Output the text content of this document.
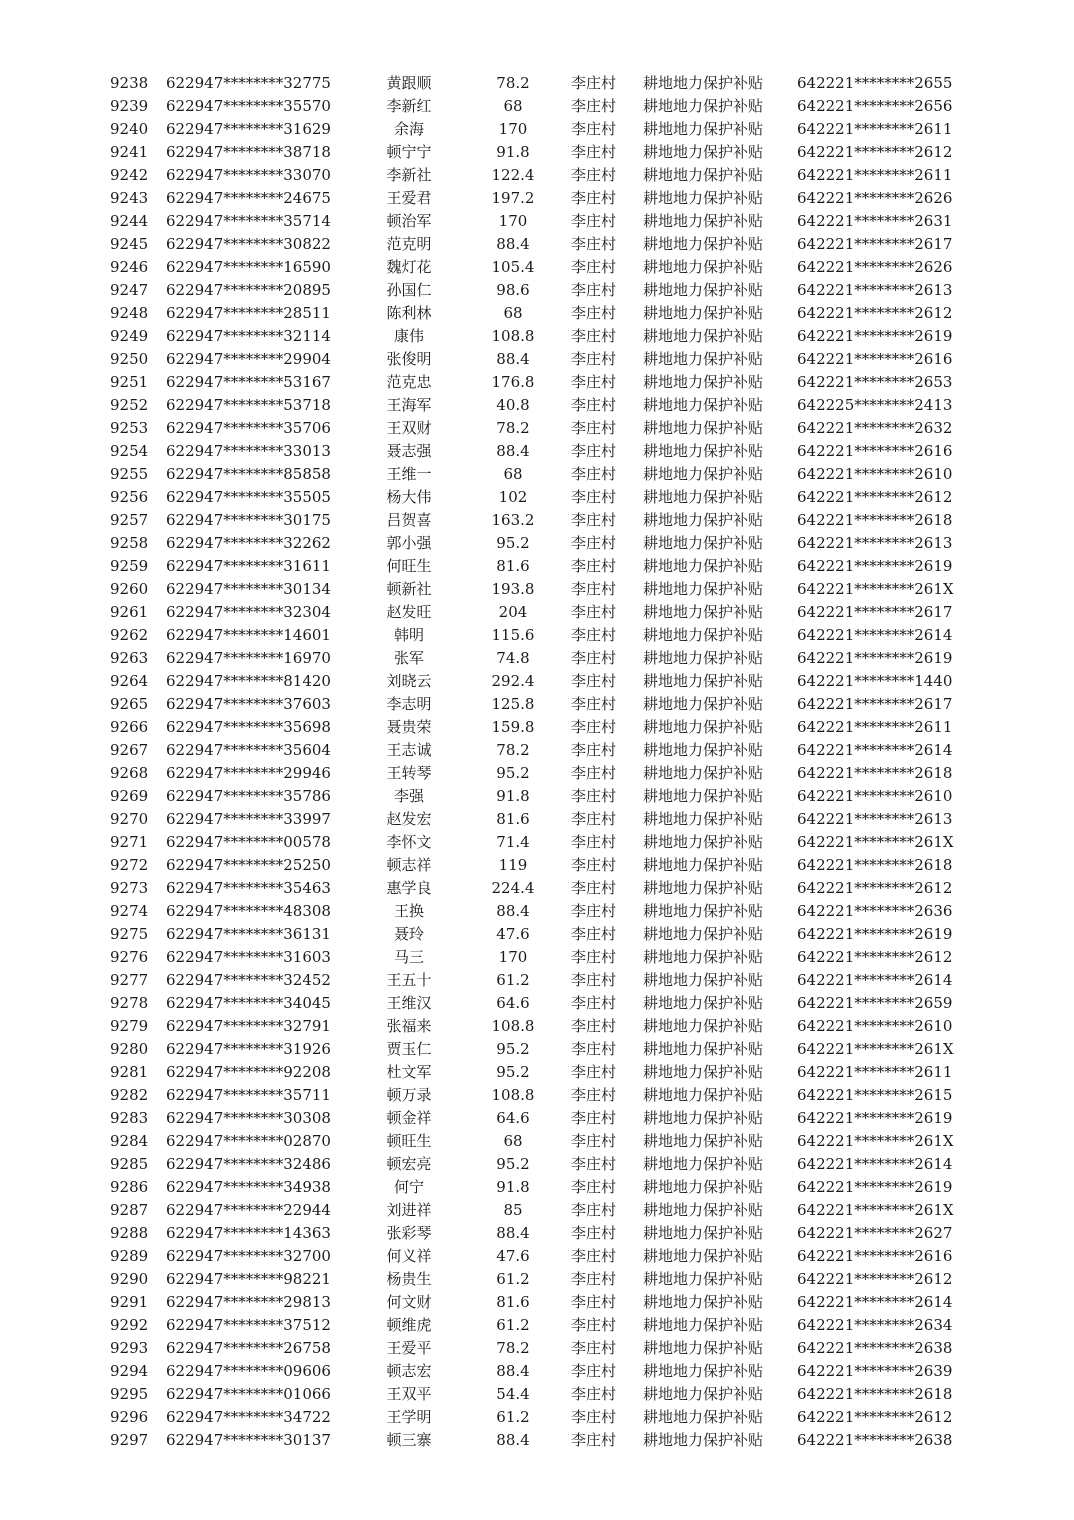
9238 622947********32775	黄跟顺	78.2	李庄村	耕地地力保护补贴	642221********2655
9239 622947********35570	李新红	68	李庄村	耕地地力保护补贴	642221********2656
9240 622947********31629	余海	170	李庄村	耕地地力保护补贴	642221********2611
9241 622947********38718	顿宁宁	91.8	李庄村	耕地地力保护补贴	642221********2612
9242 622947********33070	李新社	122.4	李庄村	耕地地力保护补贴	642221********2611
9243 622947********24675	王爱君	197.2	李庄村	耕地地力保护补贴	642221********2626
9244 622947********35714	顿治军	170	李庄村	耕地地力保护补贴	642221********2631
9245 622947********30822	范克明	88.4	李庄村	耕地地力保护补贴	642221********2617
9246 622947********16590	魏灯花	105.4	李庄村	耕地地力保护补贴	642221********2626
9247 622947********20895	孙国仁	98.6	李庄村	耕地地力保护补贴	642221********2613
9248 622947********28511	陈利林	68	李庄村	耕地地力保护补贴	642221********2612
9249 622947********32114	康伟	108.8	李庄村	耕地地力保护补贴	642221********2619
9250 622947********29904	张俊明	88.4	李庄村	耕地地力保护补贴	642221********2616
9251 622947********53167	范克忠	176.8	李庄村	耕地地力保护补贴	642221********2653
9252 622947********53718	王海军	40.8	李庄村	耕地地力保护补贴	642225********2413
9253 622947********35706	王双财	78.2	李庄村	耕地地力保护补贴	642221********2632
9254 622947********33013	聂志强	88.4	李庄村	耕地地力保护补贴	642221********2616
9255 622947********85858	王维一	68	李庄村	耕地地力保护补贴	642221********2610
9256 622947********35505	杨大伟	102	李庄村	耕地地力保护补贴	642221********2612
9257 622947********30175	吕贺喜	163.2	李庄村	耕地地力保护补贴	642221********2618
9258 622947********32262	郭小强	95.2	李庄村	耕地地力保护补贴	642221********2613
9259 622947********31611	何旺生	81.6	李庄村	耕地地力保护补贴	642221********2619
9260 622947********30134	顿新社	193.8	李庄村	耕地地力保护补贴	642221********261X
9261 622947********32304	赵发旺	204	李庄村	耕地地力保护补贴	642221********2617
9262 622947********14601	韩明	115.6	李庄村	耕地地力保护补贴	642221********2614
9263 622947********16970	张军	74.8	李庄村	耕地地力保护补贴	642221********2619
9264 622947********81420	刘晓云	292.4	李庄村	耕地地力保护补贴	642221********1440
9265 622947********37603	李志明	125.8	李庄村	耕地地力保护补贴	642221********2617
9266 622947********35698	聂贵荣	159.8	李庄村	耕地地力保护补贴	642221********2611
9267 622947********35604	王志诚	78.2	李庄村	耕地地力保护补贴	642221********2614
9268 622947********29946	王转琴	95.2	李庄村	耕地地力保护补贴	642221********2618
9269 622947********35786	李强	91.8	李庄村	耕地地力保护补贴	642221********2610
9270 622947********33997	赵发宏	81.6	李庄村	耕地地力保护补贴	642221********2613
9271 622947********00578	李怀文	71.4	李庄村	耕地地力保护补贴	642221********261X
9272 622947********25250	顿志祥	119	李庄村	耕地地力保护补贴	642221********2618
9273 622947********35463	惠学良	224.4	李庄村	耕地地力保护补贴	642221********2612
9274 622947********48308	王换	88.4	李庄村	耕地地力保护补贴	642221********2636
9275 622947********36131	聂玲	47.6	李庄村	耕地地力保护补贴	642221********2619
9276 622947********31603	马三	170	李庄村	耕地地力保护补贴	642221********2612
9277 622947********32452	王五十	61.2	李庄村	耕地地力保护补贴	642221********2614
9278 622947********34045	王维汉	64.6	李庄村	耕地地力保护补贴	642221********2659
9279 622947********32791	张福来	108.8	李庄村	耕地地力保护补贴	642221********2610
9280 622947********31926	贾玉仁	95.2	李庄村	耕地地力保护补贴	642221********261X
9281 622947********92208	杜文军	95.2	李庄村	耕地地力保护补贴	642221********2611
9282 622947********35711	顿万录	108.8	李庄村	耕地地力保护补贴	642221********2615
9283 622947********30308	顿金祥	64.6	李庄村	耕地地力保护补贴	642221********2619
9284 622947********02870	顿旺生	68	李庄村	耕地地力保护补贴	642221********261X
9285 622947********32486	顿宏亮	95.2	李庄村	耕地地力保护补贴	642221********2614
9286 622947********34938	何宁	91.8	李庄村	耕地地力保护补贴	642221********2619
9287 622947********22944	刘进祥	85	李庄村	耕地地力保护补贴	642221********261X
9288 622947********14363	张彩琴	88.4	李庄村	耕地地力保护补贴	642221********2627
9289 622947********32700	何义祥	47.6	李庄村	耕地地力保护补贴	642221********2616
9290 622947********98221	杨贵生	61.2	李庄村	耕地地力保护补贴	642221********2612
9291 622947********29813	何文财	81.6	李庄村	耕地地力保护补贴	642221********2614
9292 622947********37512	顿维虎	61.2	李庄村	耕地地力保护补贴	642221********2634
9293 622947********26758	王爱平	78.2	李庄村	耕地地力保护补贴	642221********2638
9294 622947********09606	顿志宏	88.4	李庄村	耕地地力保护补贴	642221********2639
9295 622947********01066	王双平	54.4	李庄村	耕地地力保护补贴	642221********2618
9296 622947********34722	王学明	61.2	李庄村	耕地地力保护补贴	642221********2612
9297 622947********30137	顿三寨	88.4	李庄村	耕地地力保护补贴	642221********2638
